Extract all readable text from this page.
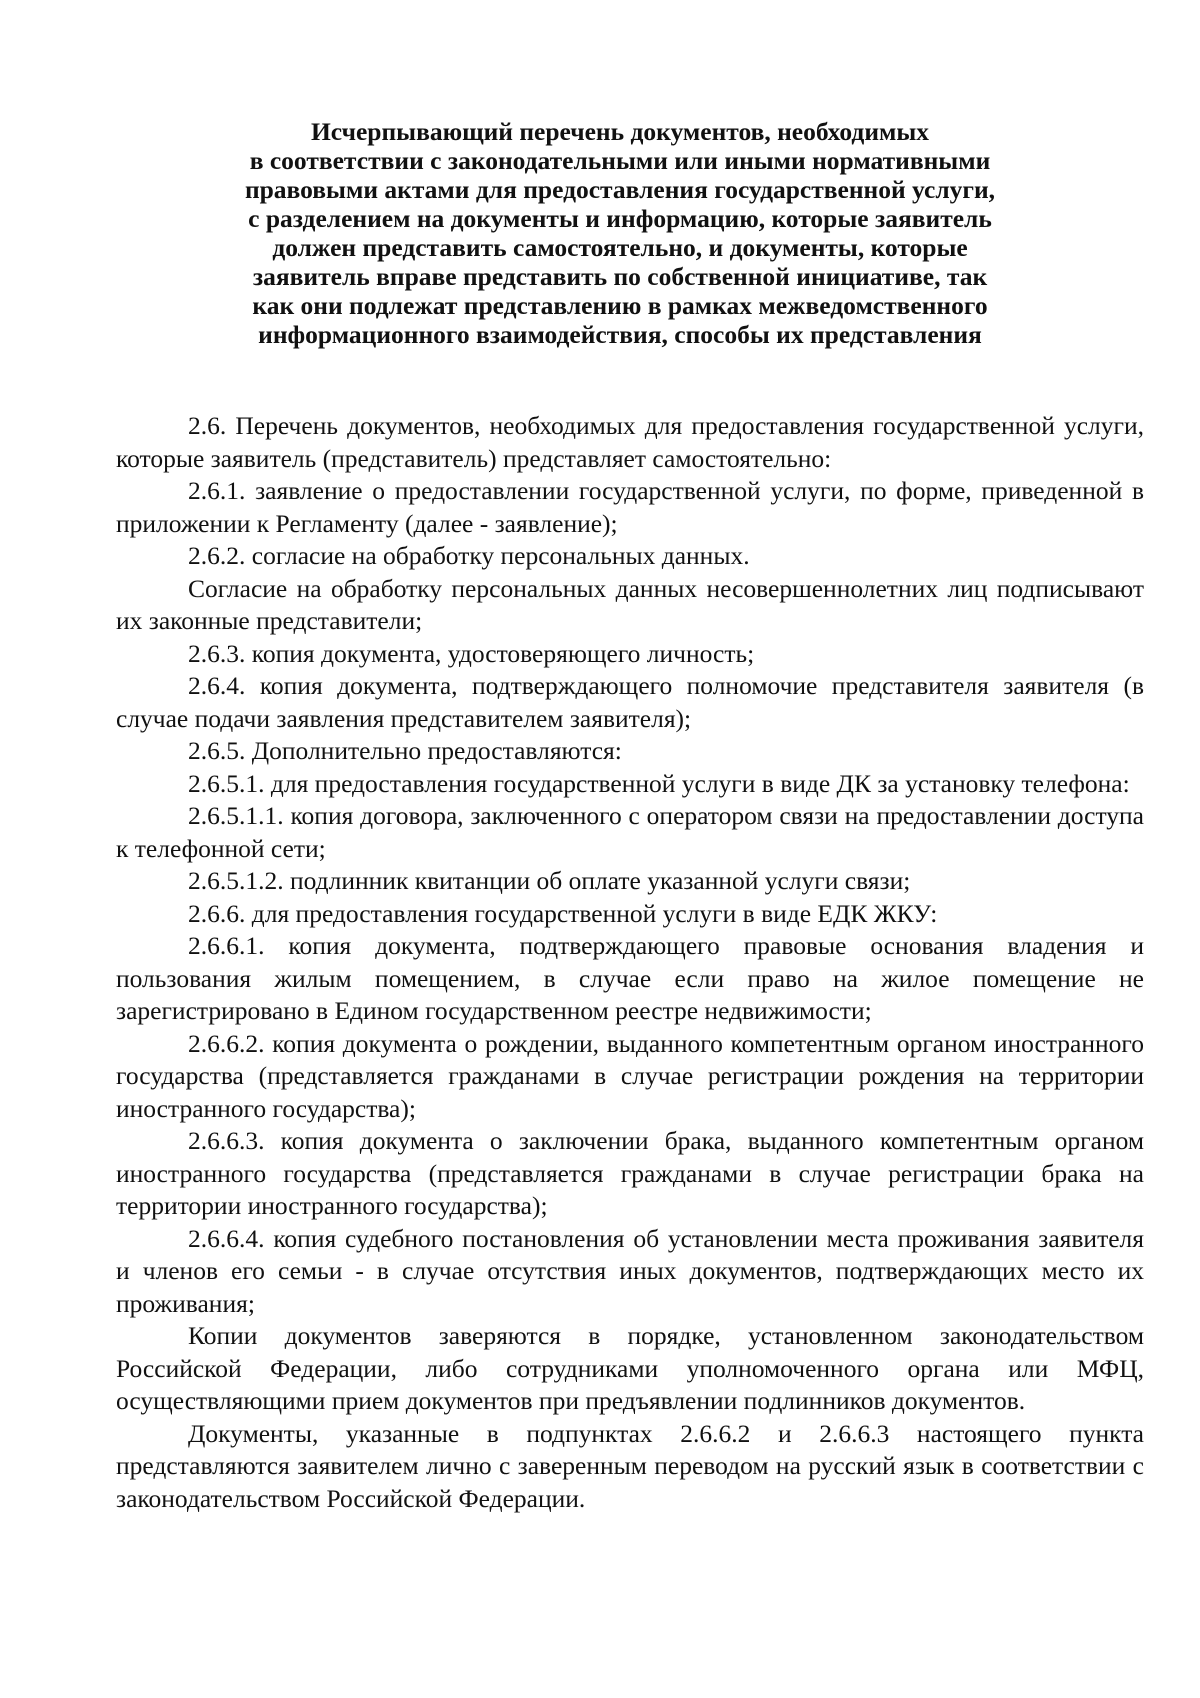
Исчерпывающий перечень документов, необходимых
в соответствии с законодательными или иными нормативными
правовыми актами для предоставления государственной услуги,
с разделением на документы и информацию, которые заявитель
должен представить самостоятельно, и документы, которые
заявитель вправе представить по собственной инициативе, так
как они подлежат представлению в рамках межведомственного
информационного взаимодействия, способы их представления

2.6. Перечень документов, необходимых для предоставления государственной услуги, которые заявитель (представитель) представляет самостоятельно:

2.6.1. заявление о предоставлении государственной услуги, по форме, приведенной в приложении к Регламенту (далее - заявление);

2.6.2. согласие на обработку персональных данных.

Согласие на обработку персональных данных несовершеннолетних лиц подписывают их законные представители;

2.6.3. копия документа, удостоверяющего личность;

2.6.4. копия документа, подтверждающего полномочие представителя заявителя (в случае подачи заявления представителем заявителя);

2.6.5. Дополнительно предоставляются:

2.6.5.1. для предоставления государственной услуги в виде ДК за установку телефона:

2.6.5.1.1. копия договора, заключенного с оператором связи на предоставлении доступа к телефонной сети;

2.6.5.1.2. подлинник квитанции об оплате указанной услуги связи;

2.6.6. для предоставления государственной услуги в виде ЕДК ЖКУ:

2.6.6.1. копия документа, подтверждающего правовые основания владения и пользования жилым помещением, в случае если право на жилое помещение не зарегистрировано в Едином государственном реестре недвижимости;

2.6.6.2. копия документа о рождении, выданного компетентным органом иностранного государства (представляется гражданами в случае регистрации рождения на территории иностранного государства);

2.6.6.3. копия документа о заключении брака, выданного компетентным органом иностранного государства (представляется гражданами в случае регистрации брака на территории иностранного государства);

2.6.6.4. копия судебного постановления об установлении места проживания заявителя и членов его семьи - в случае отсутствия иных документов, подтверждающих место их проживания;

Копии документов заверяются в порядке, установленном законодательством Российской Федерации, либо сотрудниками уполномоченного органа или МФЦ, осуществляющими прием документов при предъявлении подлинников документов.

Документы, указанные в подпунктах 2.6.6.2 и 2.6.6.3 настоящего пункта представляются заявителем лично с заверенным переводом на русский язык в соответствии с законодательством Российской Федерации.
